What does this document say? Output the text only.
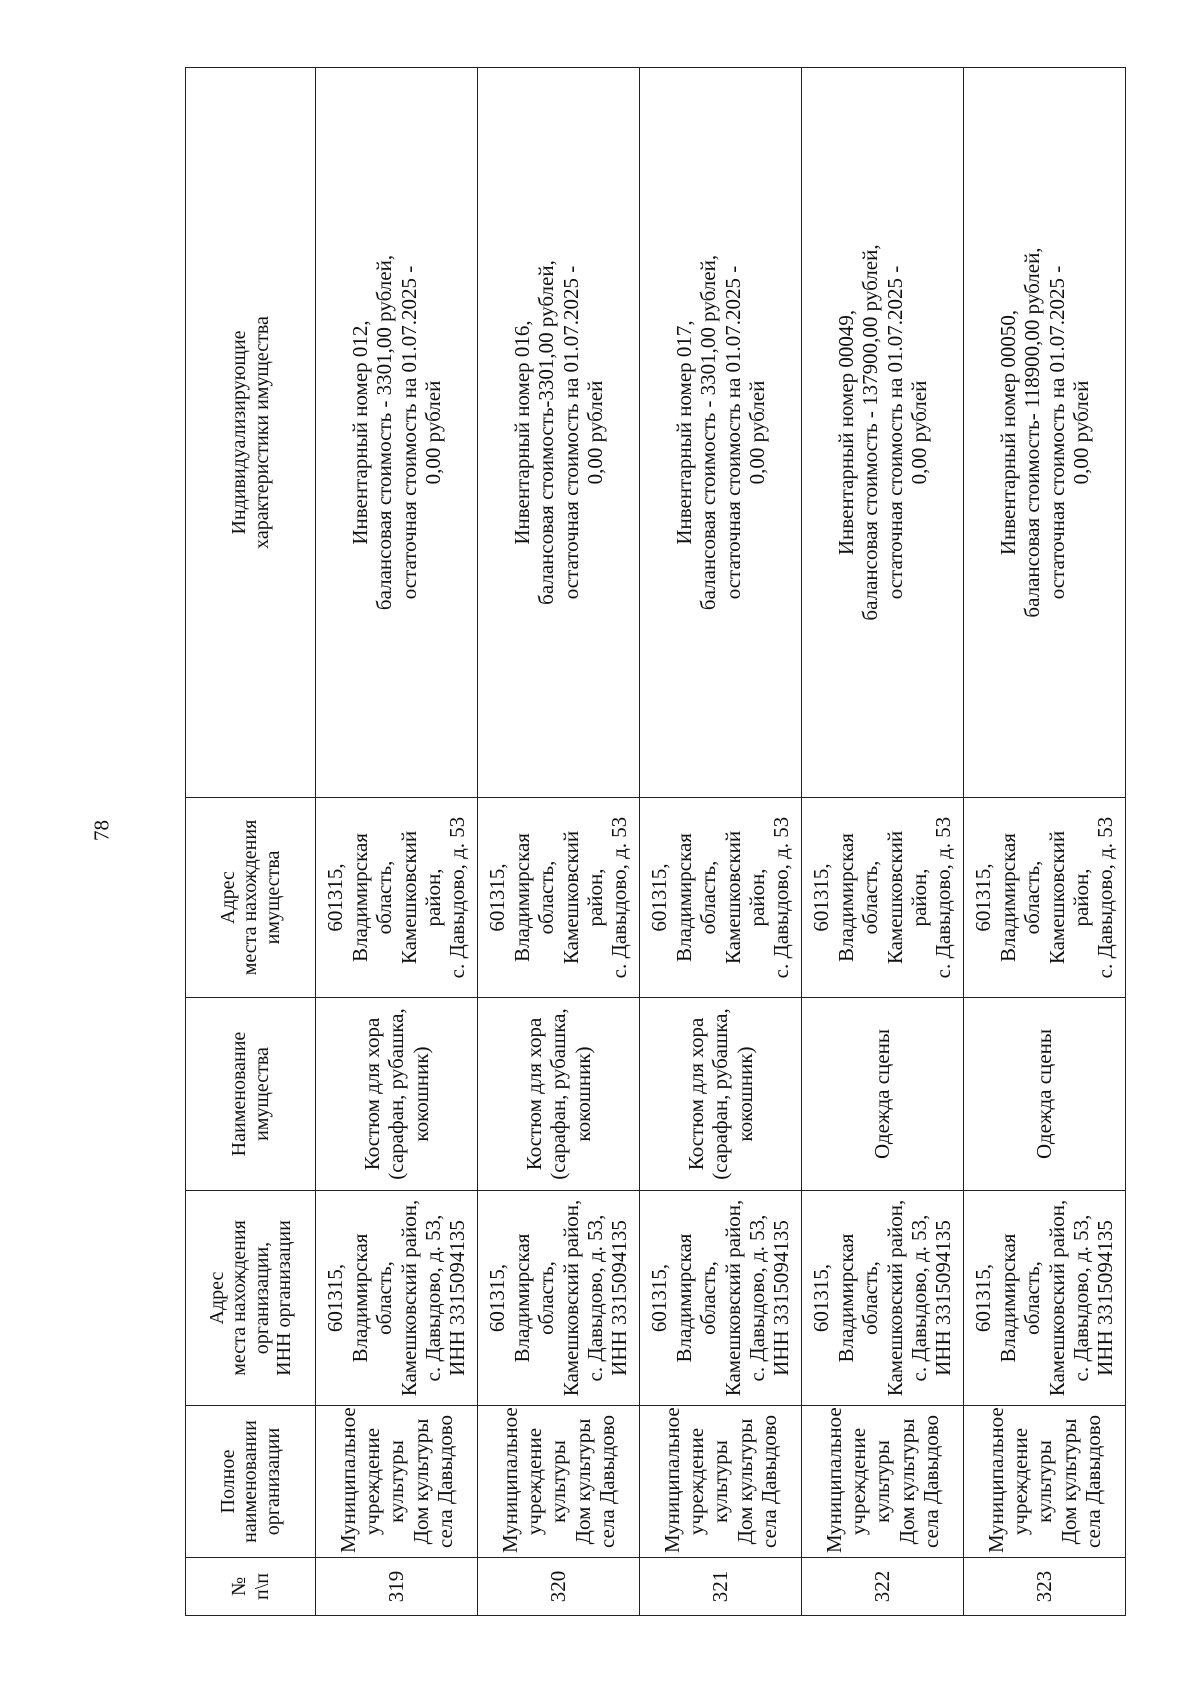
78
№ п\п	Полное наименовании организации	Адрес места нахождения организации, ИНН организации	Наименование имущества	Адрес места нахождения имущества	Индивидуализирующие характеристики имущества

319	Муниципальное учреждение культуры Дом культуры села Давыдово	601315, Владимирская область, Камешковский район, с. Давыдово, д. 53, ИНН 3315094135	Костюм для хора (сарафан, рубашка, кокошник)	601315, Владимирская область, Камешковский район, с. Давыдово, д. 53	Инвентарный номер 012, балансовая стоимость - 3301,00 рублей, остаточная стоимость на 01.07.2025 - 0,00 рублей

320	Муниципальное учреждение культуры Дом культуры села Давыдово	601315, Владимирская область, Камешковский район, с. Давыдово, д. 53, ИНН 3315094135	Костюм для хора (сарафан, рубашка, кокошник)	601315, Владимирская область, Камешковский район, с. Давыдово, д. 53	Инвентарный номер 016, балансовая стоимость-3301,00 рублей, остаточная стоимость на 01.07.2025 - 0,00 рублей

321	Муниципальное учреждение культуры Дом культуры села Давыдово	601315, Владимирская область, Камешковский район, с. Давыдово, д. 53, ИНН 3315094135	Костюм для хора (сарафан, рубашка, кокошник)	601315, Владимирская область, Камешковский район, с. Давыдово, д. 53	Инвентарный номер 017, балансовая стоимость - 3301,00 рублей, остаточная стоимость на 01.07.2025 - 0,00 рублей

322	Муниципальное учреждение культуры Дом культуры села Давыдово	601315, Владимирская область, Камешковский район, с. Давыдово, д. 53, ИНН 3315094135	Одежда сцены	601315, Владимирская область, Камешковский район, с. Давыдово, д. 53	Инвентарный номер 00049, балансовая стоимость - 137900,00 рублей, остаточная стоимость на 01.07.2025 - 0,00 рублей

323	Муниципальное учреждение культуры Дом культуры села Давыдово	601315, Владимирская область, Камешковский район, с. Давыдово, д. 53, ИНН 3315094135	Одежда сцены	601315, Владимирская область, Камешковский район, с. Давыдово, д. 53	Инвентарный номер 00050, балансовая стоимость- 118900,00 рублей, остаточная стоимость на 01.07.2025 - 0,00 рублей
